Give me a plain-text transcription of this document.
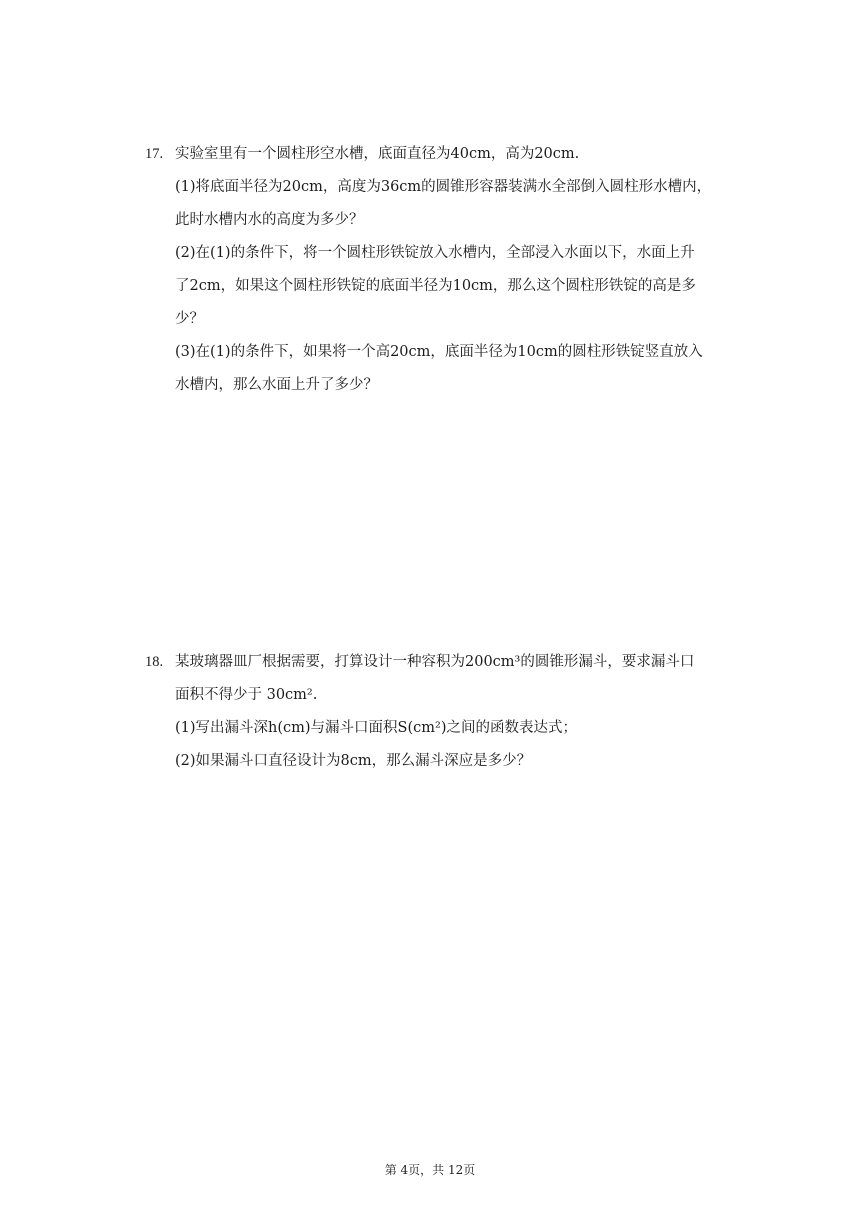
17. 实验室里有一个圆柱形空水槽，底面直径为40cm，高为20cm.
(1)将底面半径为20cm，高度为36cm的圆锥形容器装满水全部倒入圆柱形水槽内，
此时水槽内水的高度为多少？
(2)在(1)的条件下，将一个圆柱形铁锭放入水槽内，全部浸入水面以下，水面上升
了2cm，如果这个圆柱形铁锭的底面半径为10cm，那么这个圆柱形铁锭的高是多
少？
(3)在(1)的条件下，如果将一个高20cm，底面半径为10cm的圆柱形铁锭竖直放入
水槽内，那么水面上升了多少？
18. 某玻璃器皿厂根据需要，打算设计一种容积为200cm³的圆锥形漏斗，要求漏斗口
面积不得少于 30cm².
(1)写出漏斗深h(cm)与漏斗口面积S(cm²)之间的函数表达式；
(2)如果漏斗口直径设计为8cm，那么漏斗深应是多少？
第 4页，共 12页
